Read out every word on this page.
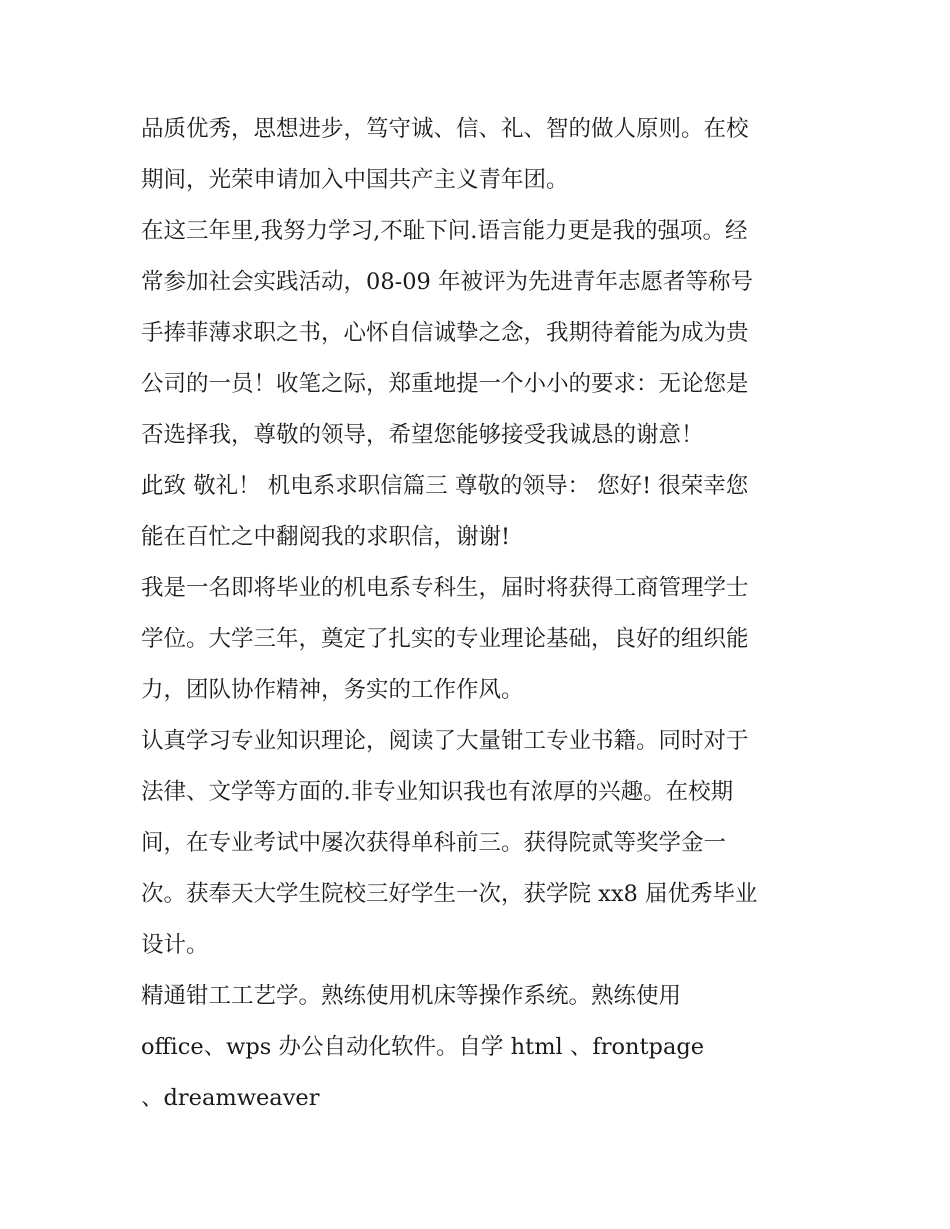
品质优秀，思想进步，笃守诚、信、礼、智的做人原则。在校
期间，光荣申请加入中国共产主义青年团。
在这三年里,我努力学习,不耻下问.语言能力更是我的强项。经
常参加社会实践活动，08-09 年被评为先进青年志愿者等称号
手捧菲薄求职之书，心怀自信诚挚之念，我期待着能为成为贵
公司的一员！收笔之际，郑重地提一个小小的要求：无论您是
否选择我，尊敬的领导，希望您能够接受我诚恳的谢意！
此致 敬礼！ 机电系求职信篇三 尊敬的领导： 您好! 很荣幸您
能在百忙之中翻阅我的求职信，谢谢!
我是一名即将毕业的机电系专科生，届时将获得工商管理学士
学位。大学三年，奠定了扎实的专业理论基础，良好的组织能
力，团队协作精神，务实的工作作风。
认真学习专业知识理论，阅读了大量钳工专业书籍。同时对于
法律、文学等方面的.非专业知识我也有浓厚的兴趣。在校期
间，在专业考试中屡次获得单科前三。获得院贰等奖学金一
次。获奉天大学生院校三好学生一次，获学院 xx8 届优秀毕业
设计。
精通钳工工艺学。熟练使用机床等操作系统。熟练使用
office、wps 办公自动化软件。自学 html 、frontpage
、dreamweaver
